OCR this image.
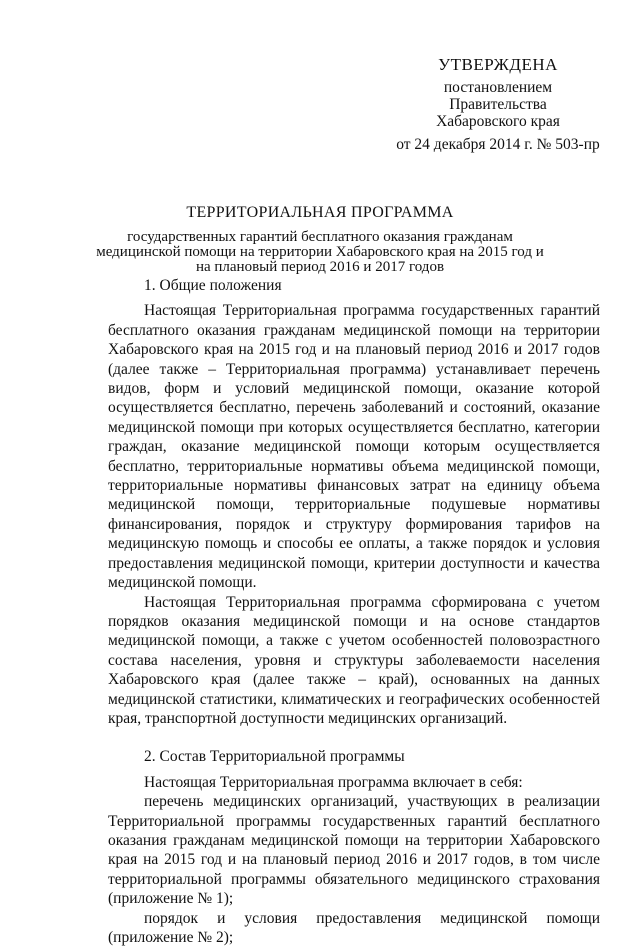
УТВЕРЖДЕНА
постановлением
Правительства
Хабаровского края
от 24 декабря 2014 г. № 503-пр
ТЕРРИТОРИАЛЬНАЯ ПРОГРАММА
государственных гарантий бесплатного оказания гражданам
медицинской помощи на территории Хабаровского края на 2015 год и
на плановый период 2016 и 2017 годов
1. Общие положения

Настоящая Территориальная программа государственных гарантий бесплатного оказания гражданам медицинской помощи на территории Хабаровского края на 2015 год и на плановый период 2016 и 2017 годов (далее также – Территориальная программа) устанавливает перечень видов, форм и условий медицинской помощи, оказание которой осуществляется бесплатно, перечень заболеваний и состояний, оказание медицинской помощи при которых осуществляется бесплатно, категории граждан, оказание медицинской помощи которым осуществляется бесплатно, территориальные нормативы объема медицинской помощи, территориальные нормативы финансовых затрат на единицу объема медицинской помощи, территориальные подушевые нормативы финансирования, порядок и структуру формирования тарифов на медицинскую помощь и способы ее оплаты, а также порядок и условия предоставления медицинской помощи, критерии доступности и качества медицинской помощи.

Настоящая Территориальная программа сформирована с учетом порядков оказания медицинской помощи и на основе стандартов медицинской помощи, а также с учетом особенностей половозрастного состава населения, уровня и структуры заболеваемости населения Хабаровского края (далее также – край), основанных на данных медицинской статистики, климатических и географических особенностей края, транспортной доступности медицинских организаций.

2. Состав Территориальной программы

Настоящая Территориальная программа включает в себя:

перечень медицинских организаций, участвующих в реализации Территориальной программы государственных гарантий бесплатного оказания гражданам медицинской помощи на территории Хабаровского края на 2015 год и на плановый период 2016 и 2017 годов, в том числе территориальной программы обязательного медицинского страхования (приложение № 1);

порядок и условия предоставления медицинской помощи (приложение № 2);
